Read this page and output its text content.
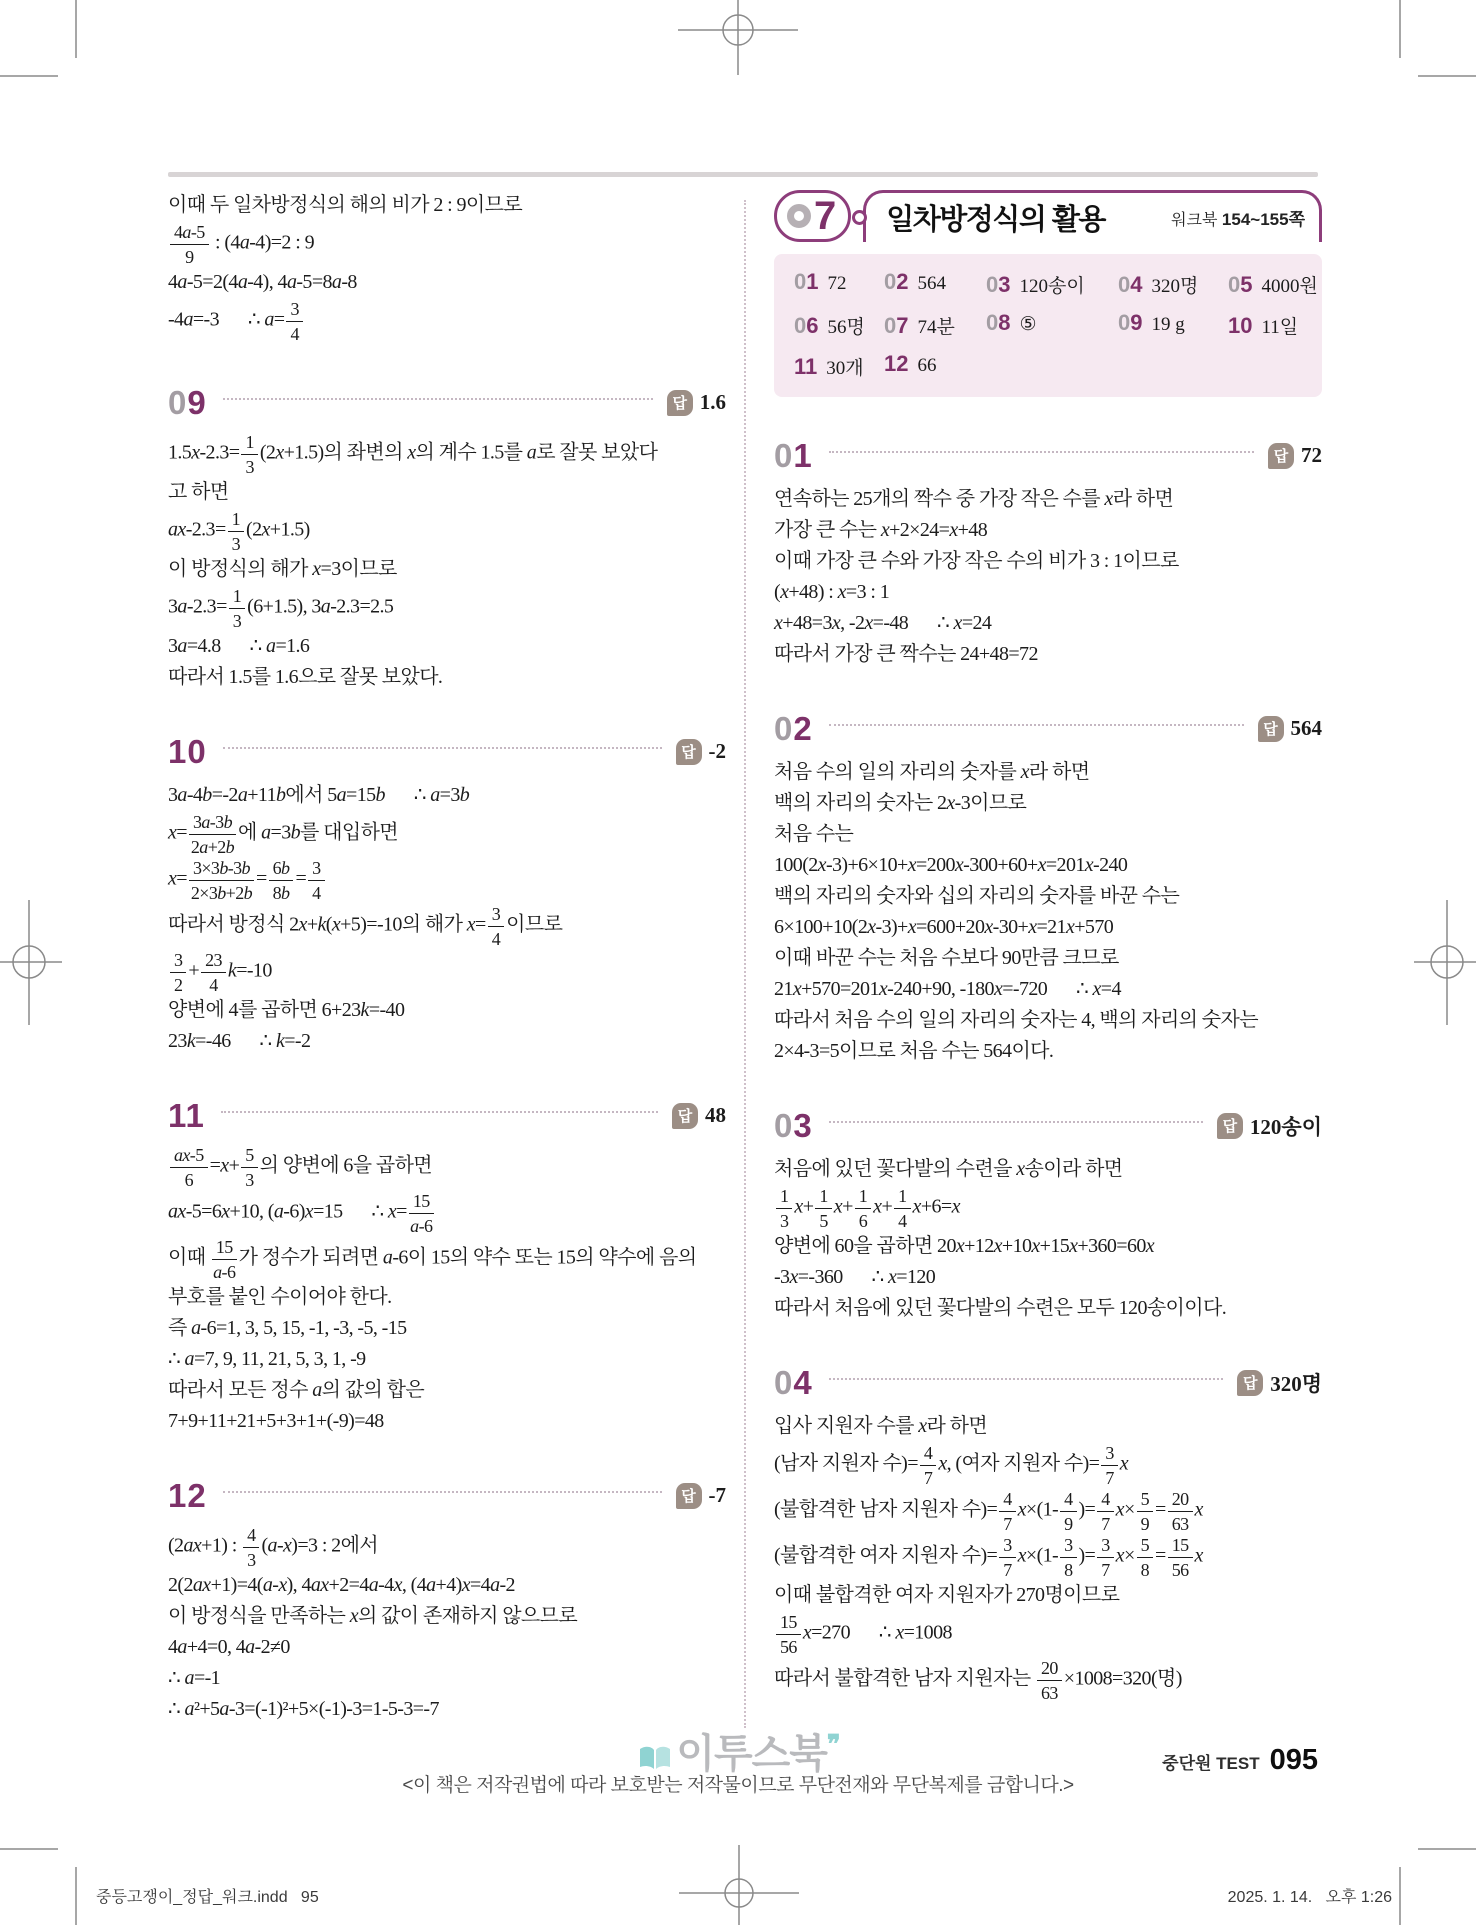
이때 두 일차방정식의 해의 비가 2 : 9이므로
$\frac{4a-5}{9}$ : (4a-4)=2 : 9
4a-5=2(4a-4), 4a-5=8a-8
-4a=-3  ∴ $a= \frac{3}{4}$
09	답 1.6
$1.5x-2.3= \frac{1}{3} (2x+1.5)$의 좌변의 x의 계수 1.5를 a로 잘못 보았다
고 하면
$ax-2.3= \frac{1}{3} (2x+1.5)$
이 방정식의 해가 x=3이므로
$3a-2.3= \frac{1}{3} (6+1.5)$, 3a-2.3=2.5
3a=4.8  ∴ a=1.6
따라서 1.5를 1.6으로 잘못 보았다.
10	답 -2
3a-4b=-2a+11b에서 5a=15b  ∴ a=3b
$x= \frac{3a-3b}{2a+2b}$ 에 a=3b를 대입하면
$x= \frac{3\times 3b-3b}{2\times 3b+2b} = \frac{6b}{8b} = \frac{3}{4}$
따라서 방정식 2x+k(x+5)=-10의 해가 $x= \frac{3}{4}$ 이므로
$\frac{3}{2} + \frac{23}{4} k=-10$
양변에 4를 곱하면 6+23k=-40
23k=-46  ∴ k=-2
11	답 48
$\frac{ax-5}{6} =x+ \frac{5}{3}$ 의 양변에 6을 곱하면
ax-5=6x+10, (a-6)x=15  ∴ $x= \frac{15}{a-6}$
이때 $\frac{15}{a-6}$ 가 정수가 되려면 a-6이 15의 약수 또는 15의 약수에 음의
부호를 붙인 수이어야 한다.
즉 a-6=1, 3, 5, 15, -1, -3, -5, -15
∴ a=7, 9, 11, 21, 5, 3, 1, -9
따라서 모든 정수 a의 값의 합은
7+9+11+21+5+3+1+(-9)=48
12	답 -7
(2ax+1) : $\frac{4}{3} (a-x)=3$ : 2에서
2(2ax+1)=4(a-x), 4ax+2=4a-4x, (4a+4)x=4a-2
이 방정식을 만족하는 x의 값이 존재하지 않으므로
4a+4=0, 4a-2≠0
∴ a=-1
∴ a²+5a-3=(-1)²+5×(-1)-3=1-5-3=-7
7 일차방정식의 활용	워크북 154~155쪽
01 72 02 564 03 120송이 04 320명 05 4000원
06 56명 07 74분 08 ⑤	09 19 g 10 11일
11 30개 12 66
01	답 72
연속하는 25개의 짝수 중 가장 작은 수를 x라 하면
가장 큰 수는 x+2×24=x+48
이때 가장 큰 수와 가장 작은 수의 비가 3 : 1이므로
(x+48) : x=3 : 1
x+48=3x, -2x=-48  ∴ x=24
따라서 가장 큰 짝수는 24+48=72
02	답 564
처음 수의 일의 자리의 숫자를 x라 하면
백의 자리의 숫자는 2x-3이므로
처음 수는
100(2x-3)+6×10+x=200x-300+60+x=201x-240
백의 자리의 숫자와 십의 자리의 숫자를 바꾼 수는
6×100+10(2x-3)+x=600+20x-30+x=21x+570
이때 바꾼 수는 처음 수보다 90만큼 크므로
21x+570=201x-240+90, -180x=-720  ∴ x=4
따라서 처음 수의 일의 자리의 숫자는 4, 백의 자리의 숫자는
2×4-3=5이므로 처음 수는 564이다.
03	답 120송이
처음에 있던 꽃다발의 수련을 x송이라 하면
$\frac{1}{3} x+ \frac{1}{5} x+ \frac{1}{6} x+ \frac{1}{4} x+6=x$
양변에 60을 곱하면 20x+12x+10x+15x+360=60x
-3x=-360  ∴ x=120
따라서 처음에 있던 꽃다발의 수련은 모두 120송이이다.
04	답 320명
입사 지원자 수를 x라 하면
(남자 지원자 수)= $\frac{4}{7} x$, (여자 지원자 수)= $\frac{3}{7}$ x
(불합격한 남자 지원자 수)= $\frac{4}{7} x\times(1- \frac{4}{9}$ )= $\frac{4}{7} x\times \frac{5}{9} = \frac{20}{63}$ x
(불합격한 여자 지원자 수)= $\frac{3}{7} x\times(1- \frac{3}{8}$ )= $\frac{3}{7} x\times \frac{5}{8} = \frac{15}{56}$ x
이때 불합격한 여자 지원자가 270명이므로
$\frac{15}{56} x=270$  ∴ x=1008
따라서 불합격한 남자 지원자는 $\frac{20}{63} \times 1008=320$(명)
이투스북❜❜
<이 책은 저작권법에 따라 보호받는 저작물이므로 무단전재와 무단복제를 금합니다.>
중단원 TEST 095
중등고쟁이_정답_워크.indd   95	2025. 1. 14.   오후 1:26
